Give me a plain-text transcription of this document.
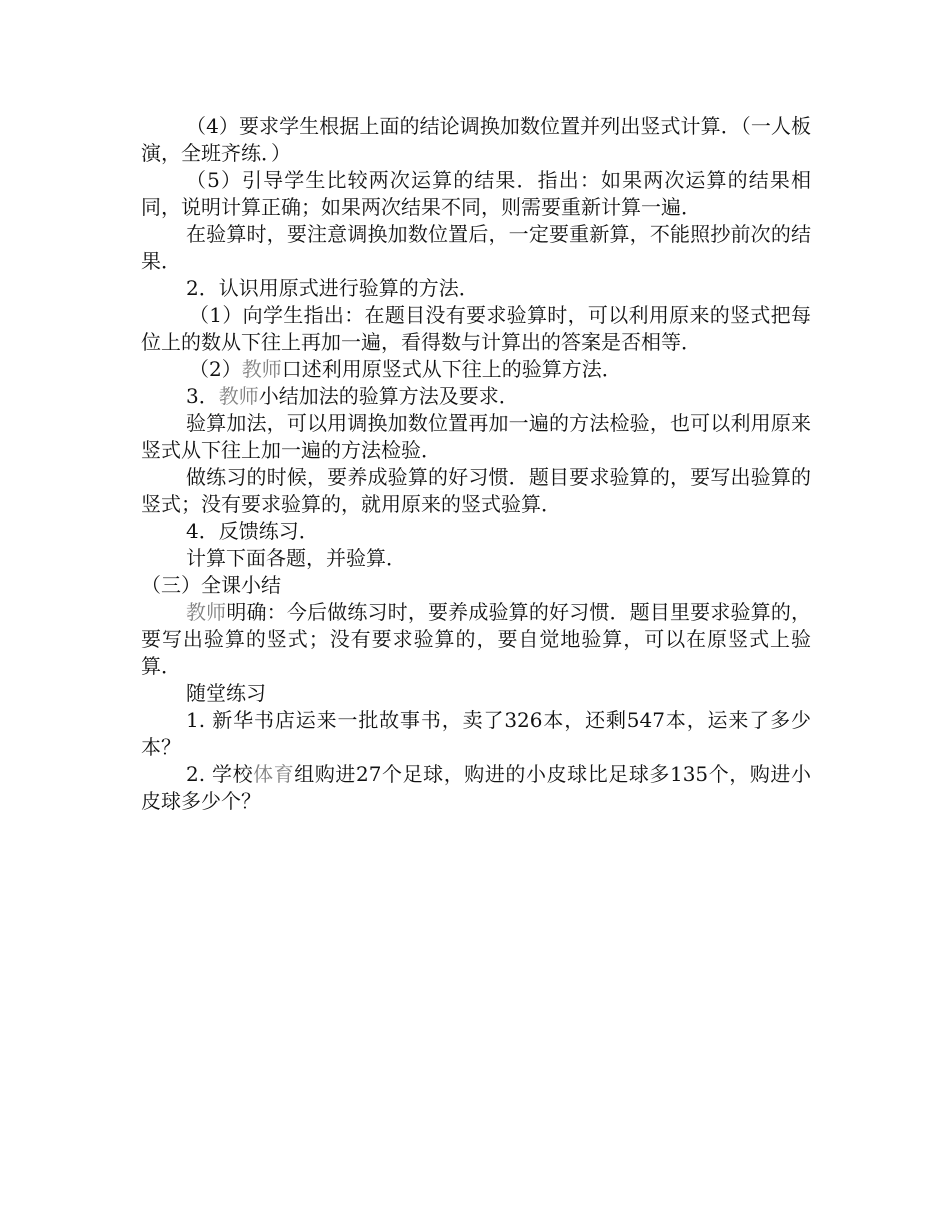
（4）要求学生根据上面的结论调换加数位置并列出竖式计算．（一人板演，全班齐练．）

（5）引导学生比较两次运算的结果．指出：如果两次运算的结果相同，说明计算正确；如果两次结果不同，则需要重新计算一遍．

在验算时，要注意调换加数位置后，一定要重新算，不能照抄前次的结果．

2．认识用原式进行验算的方法．

（1）向学生指出：在题目没有要求验算时，可以利用原来的竖式把每位上的数从下往上再加一遍，看得数与计算出的答案是否相等．

（2）教师口述利用原竖式从下往上的验算方法．

3．教师小结加法的验算方法及要求．

验算加法，可以用调换加数位置再加一遍的方法检验，也可以利用原来竖式从下往上加一遍的方法检验．

做练习的时候，要养成验算的好习惯．题目要求验算的，要写出验算的竖式；没有要求验算的，就用原来的竖式验算．

4．反馈练习．

计算下面各题，并验算．

（三）全课小结

教师明确：今后做练习时，要养成验算的好习惯．题目里要求验算的，要写出验算的竖式；没有要求验算的，要自觉地验算，可以在原竖式上验算．

随堂练习

1. 新华书店运来一批故事书，卖了326本，还剩547本，运来了多少本？

2. 学校体育组购进27个足球，购进的小皮球比足球多135个，购进小皮球多少个？
